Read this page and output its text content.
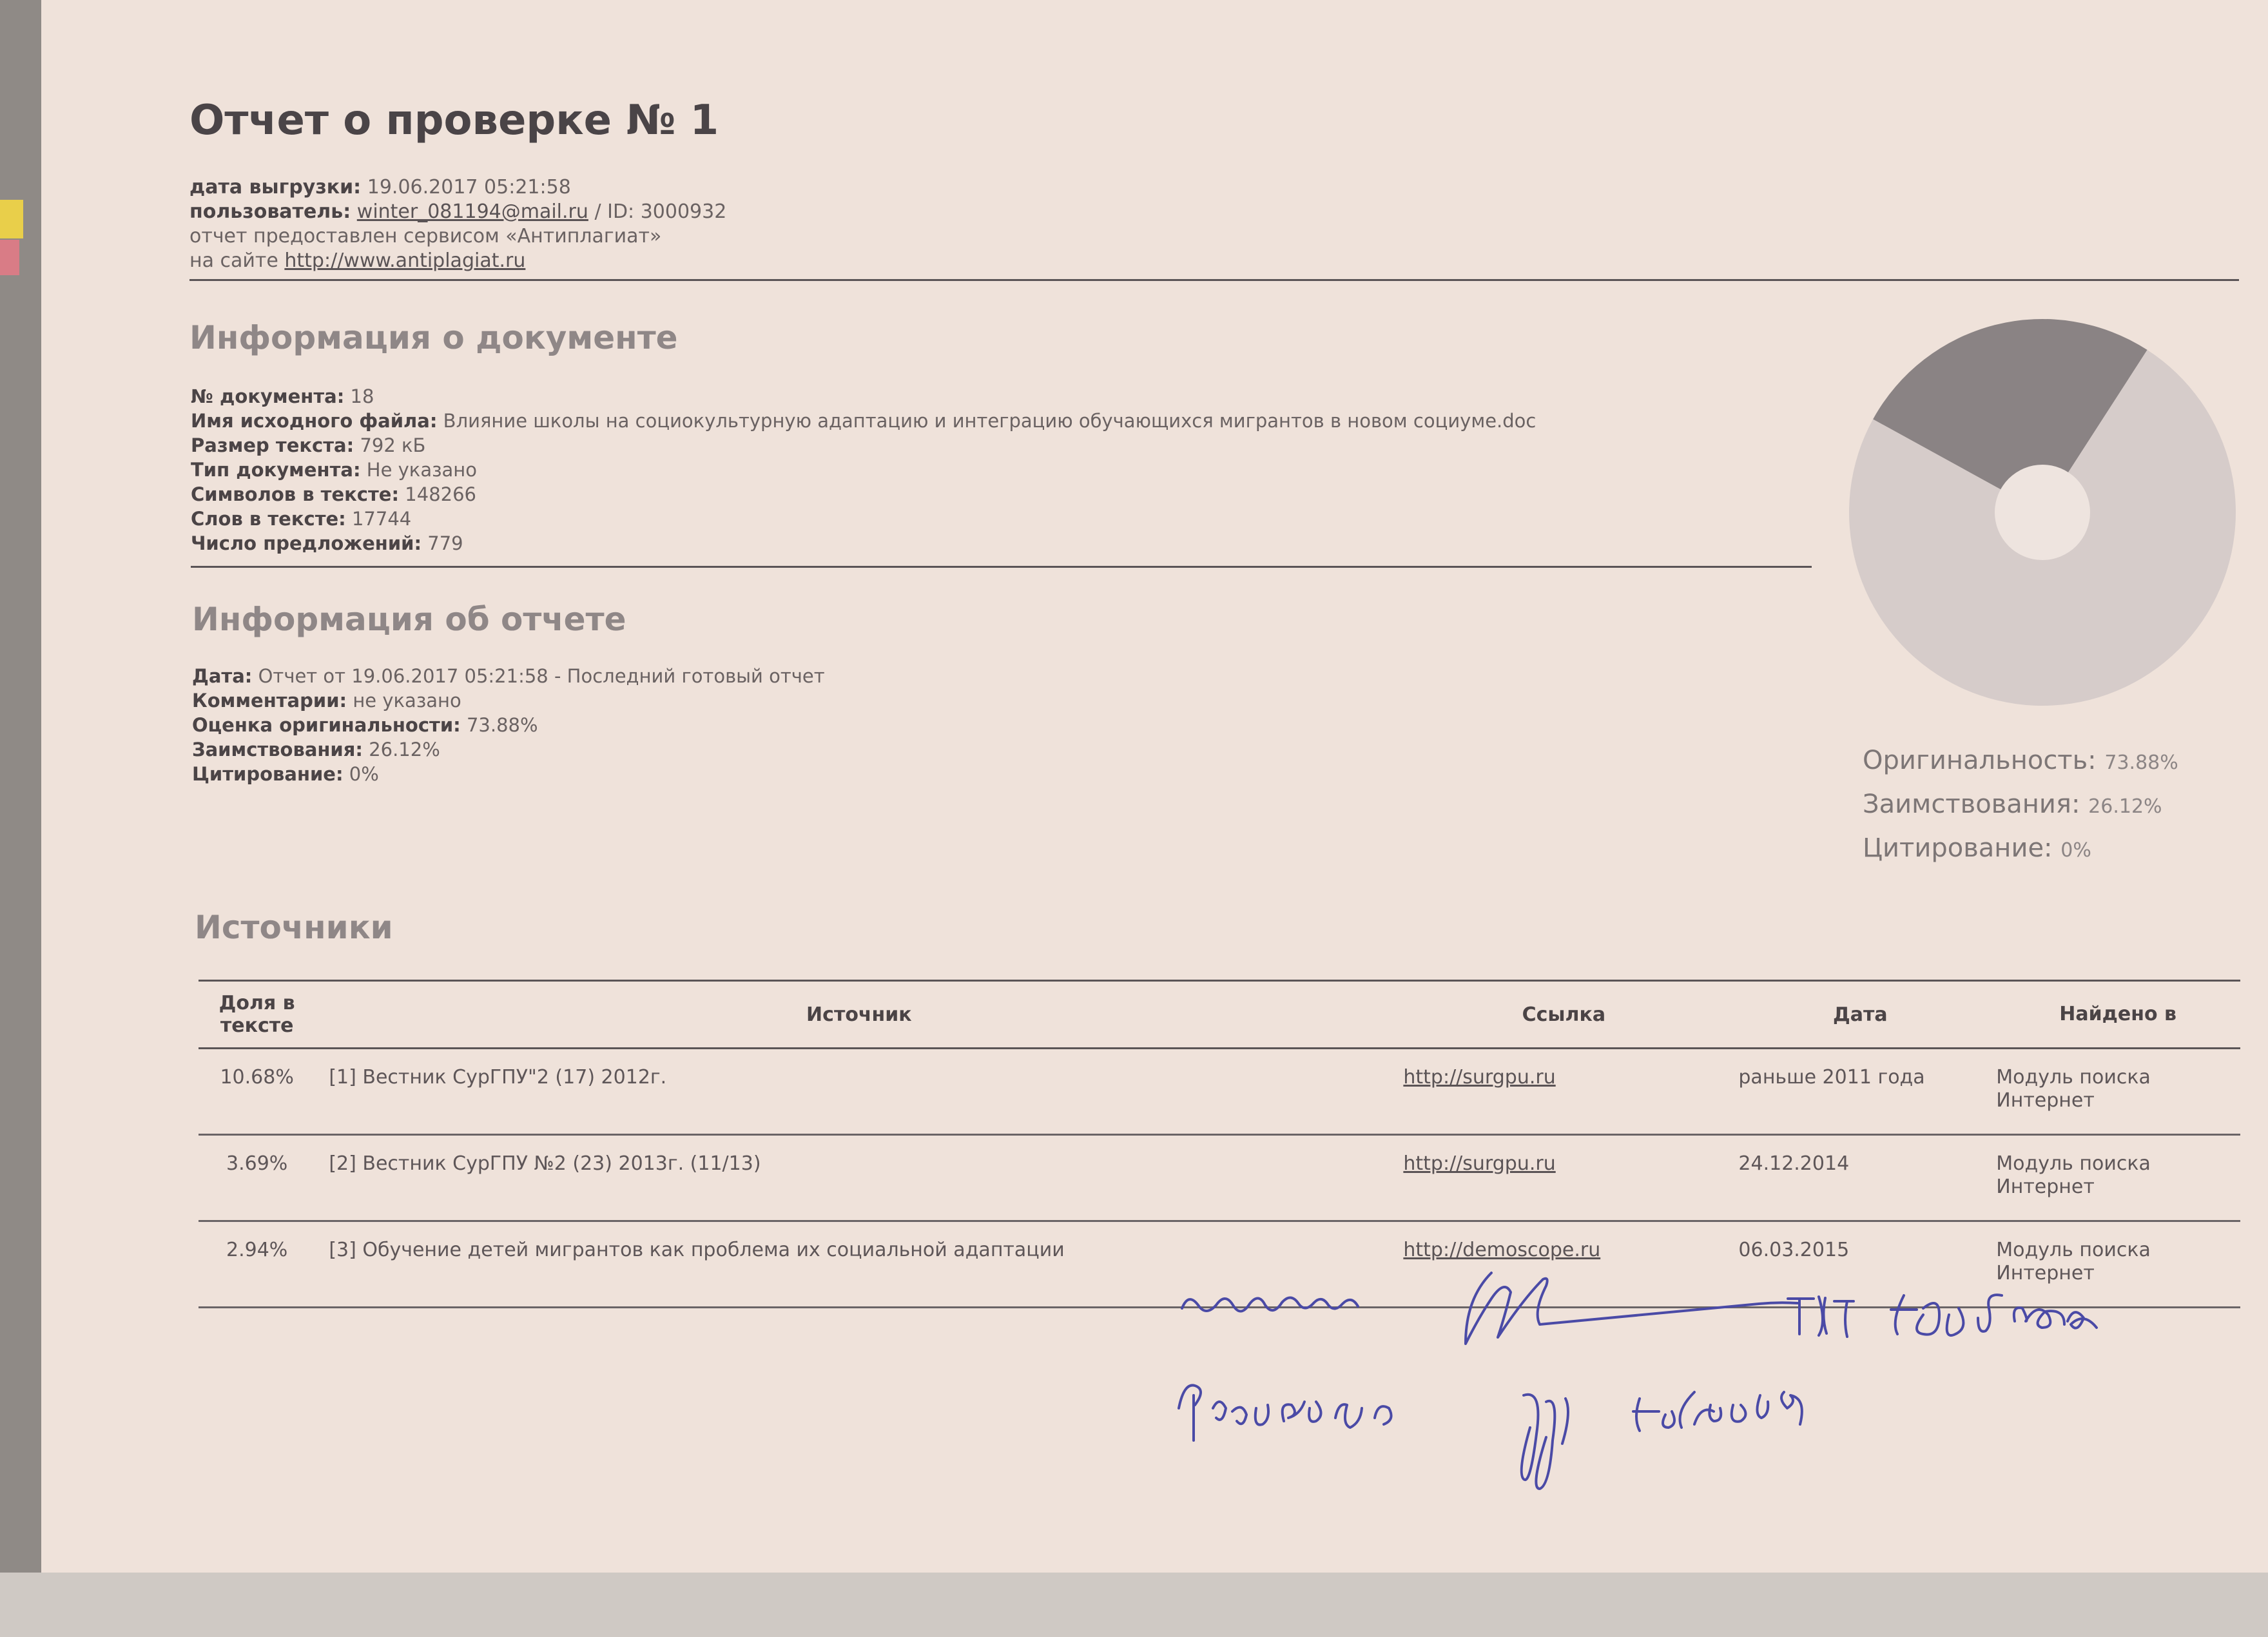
Отчет о проверке № 1
дата выгрузки: 19.06.2017 05:21:58
пользователь: winter_081194@mail.ru / ID: 3000932
отчет предоставлен сервисом «Антиплагиат»
на сайте http://www.antiplagiat.ru
Информация о документе
№ документа: 18
Имя исходного файла: Влияние школы на социокультурную адаптацию и интеграцию обучающихся мигрантов в новом социуме.doc
Размер текста: 792 кБ
Тип документа: Не указано
Символов в тексте: 148266
Слов в тексте: 17744
Число предложений: 779
Информация об отчете
Дата: Отчет от 19.06.2017 05:21:58 - Последний готовый отчет
Комментарии: не указано
Оценка оригинальности: 73.88%
Заимствования: 26.12%
Цитирование: 0%	Оригинальность: 73.88%
Заимствования: 26.12%
Цитирование: 0%
Источники
Доля в тексте	Источник	Ссылка	Дата	Найдено в
10.68%	[1] Вестник СурГПУ"2 (17) 2012г.	http://surgpu.ru	раньше 2011 года	Модуль поиска Интернет
3.69%	[2] Вестник СурГПУ №2 (23) 2013г. (11/13)	http://surgpu.ru	24.12.2014	Модуль поиска Интернет
2.94%	[3] Обучение детей мигрантов как проблема их социальной адаптации	http://demoscope.ru	06.03.2015	Модуль поиска Интернет
